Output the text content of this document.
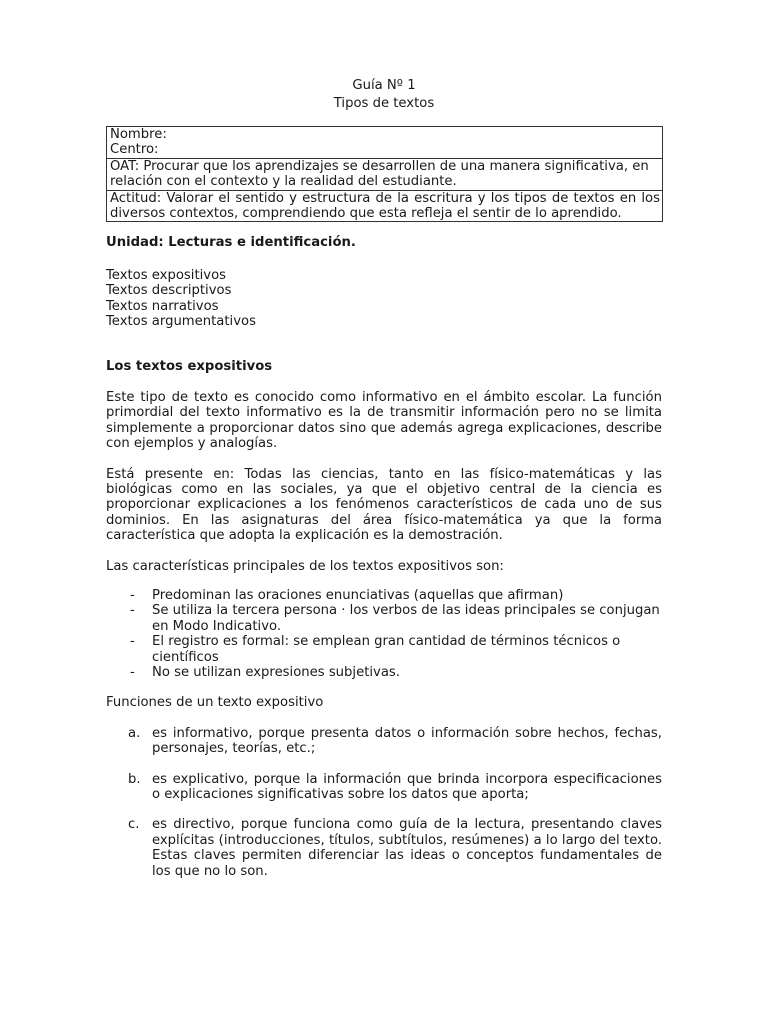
Guía Nº 1
Tipos de textos
Nombre:
Centro:

OAT: Procurar que los aprendizajes se desarrollen de una manera significativa, en relación con el contexto y la realidad del estudiante.
Actitud: Valorar el sentido y estructura de la escritura y los tipos de textos en los diversos contextos, comprendiendo que esta refleja el sentir de lo aprendido.
Unidad: Lecturas e identificación.
Textos expositivos
Textos descriptivos
Textos narrativos
Textos argumentativos
Los textos expositivos
Este tipo de texto es conocido como informativo en el ámbito escolar. La función primordial del texto informativo es la de transmitir información pero no se limita simplemente a proporcionar datos sino que además agrega explicaciones, describe con ejemplos y analogías.
Está presente en: Todas las ciencias, tanto en las físico-matemáticas y las biológicas como en las sociales, ya que el objetivo central de la ciencia es proporcionar explicaciones a los fenómenos característicos de cada uno de sus dominios. En las asignaturas del área físico-matemática ya que la forma característica que adopta la explicación es la demostración.
Las características principales de los textos expositivos son:
-	Predominan las oraciones enunciativas (aquellas que afirman)
-	Se utiliza la tercera persona · los verbos de las ideas principales se conjugan en Modo Indicativo.
-	El registro es formal: se emplean gran cantidad de términos técnicos o científicos
-	No se utilizan expresiones subjetivas.
Funciones de un texto expositivo
a. es informativo, porque presenta datos o información sobre hechos, fechas, personajes, teorías, etc.;
b. es explicativo, porque la información que brinda incorpora especificaciones o explicaciones significativas sobre los datos que aporta;
c. es directivo, porque funciona como guía de la lectura, presentando claves explícitas (introducciones, títulos, subtítulos, resúmenes) a lo largo del texto. Estas claves permiten diferenciar las ideas o conceptos fundamentales de los que no lo son.
